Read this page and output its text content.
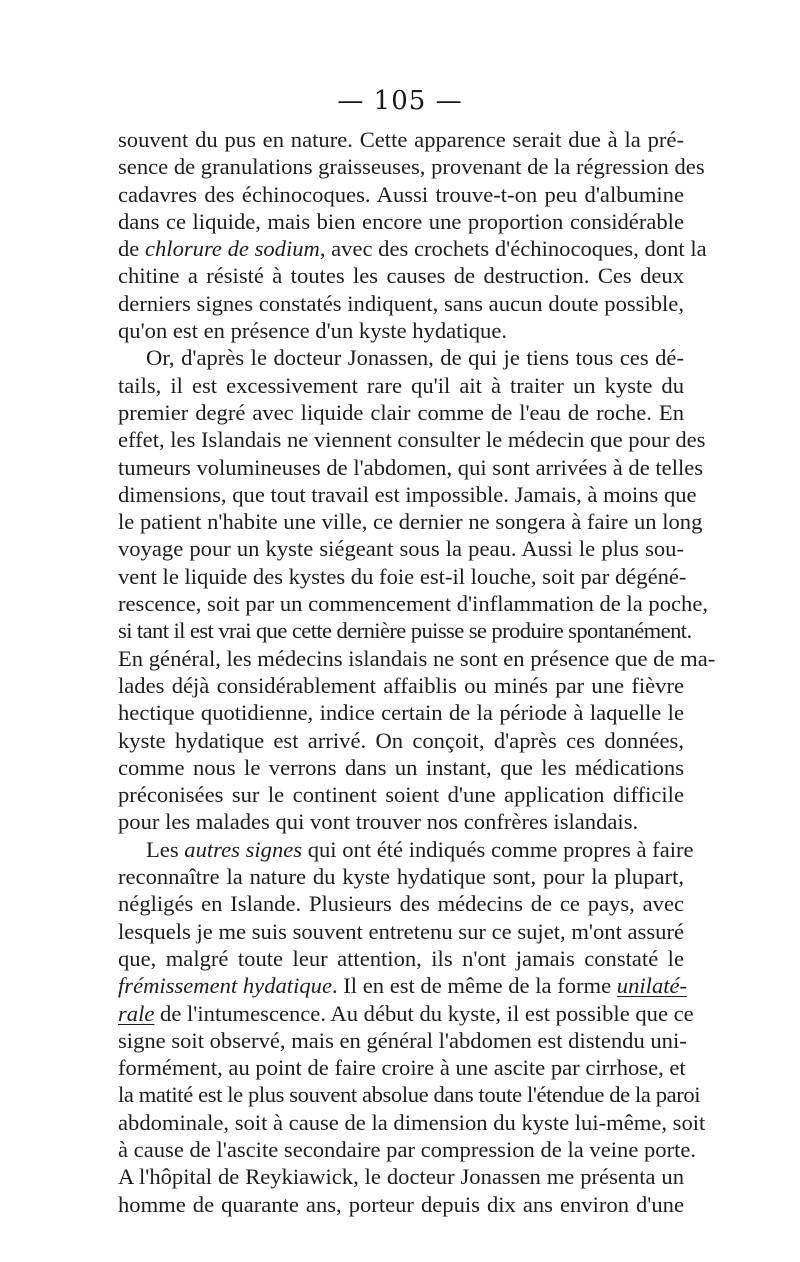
— 105 —
souvent du pus en nature. Cette apparence serait due à la pré-
sence de granulations graisseuses, provenant de la régression des
cadavres des échinocoques. Aussi trouve-t-on peu d'albumine
dans ce liquide, mais bien encore une proportion considérable
de chlorure de sodium, avec des crochets d'échinocoques, dont la
chitine a résisté à toutes les causes de destruction. Ces deux
derniers signes constatés indiquent, sans aucun doute possible,
qu'on est en présence d'un kyste hydatique.
Or, d'après le docteur Jonassen, de qui je tiens tous ces dé-
tails, il est excessivement rare qu'il ait à traiter un kyste du
premier degré avec liquide clair comme de l'eau de roche. En
effet, les Islandais ne viennent consulter le médecin que pour des
tumeurs volumineuses de l'abdomen, qui sont arrivées à de telles
dimensions, que tout travail est impossible. Jamais, à moins que
le patient n'habite une ville, ce dernier ne songera à faire un long
voyage pour un kyste siégeant sous la peau. Aussi le plus sou-
vent le liquide des kystes du foie est-il louche, soit par dégéné-
rescence, soit par un commencement d'inflammation de la poche,
si tant il est vrai que cette dernière puisse se produire spontanément.
En général, les médecins islandais ne sont en présence que de ma-
lades déjà considérablement affaiblis ou minés par une fièvre
hectique quotidienne, indice certain de la période à laquelle le
kyste hydatique est arrivé. On conçoit, d'après ces données,
comme nous le verrons dans un instant, que les médications
préconisées sur le continent soient d'une application difficile
pour les malades qui vont trouver nos confrères islandais.
Les autres signes qui ont été indiqués comme propres à faire
reconnaître la nature du kyste hydatique sont, pour la plupart,
négligés en Islande. Plusieurs des médecins de ce pays, avec
lesquels je me suis souvent entretenu sur ce sujet, m'ont assuré
que, malgré toute leur attention, ils n'ont jamais constaté le
frémissement hydatique. Il en est de même de la forme unilaté-
rale de l'intumescence. Au début du kyste, il est possible que ce
signe soit observé, mais en général l'abdomen est distendu uni-
formément, au point de faire croire à une ascite par cirrhose, et
la matité est le plus souvent absolue dans toute l'étendue de la paroi
abdominale, soit à cause de la dimension du kyste lui-même, soit
à cause de l'ascite secondaire par compression de la veine porte.
A l'hôpital de Reykiawick, le docteur Jonassen me présenta un
homme de quarante ans, porteur depuis dix ans environ d'une
